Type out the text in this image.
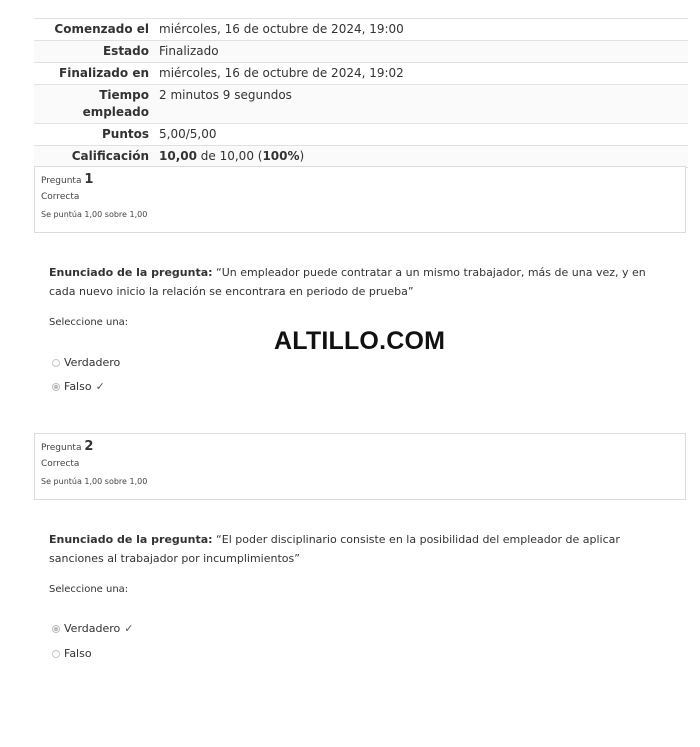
Comenzado el	miércoles, 16 de octubre de 2024, 19:00
Estado	Finalizado
Finalizado en	miércoles, 16 de octubre de 2024, 19:02
Tiempo empleado	2 minutos 9 segundos
Puntos	5,00/5,00
Calificación	10,00 de 10,00 (100%)
Pregunta 1
Correcta
Se puntúa 1,00 sobre 1,00
Enunciado de la pregunta: “Un empleador puede contratar a un mismo trabajador, más de una vez, y en cada nuevo inicio la relación se encontrara en periodo de prueba”
Seleccione una:
Verdadero
Falso ✓
ALTILLO.COM
Pregunta 2
Correcta
Se puntúa 1,00 sobre 1,00
Enunciado de la pregunta: “El poder disciplinario consiste en la posibilidad del empleador de aplicar sanciones al trabajador por incumplimientos”
Seleccione una:
Verdadero ✓
Falso
